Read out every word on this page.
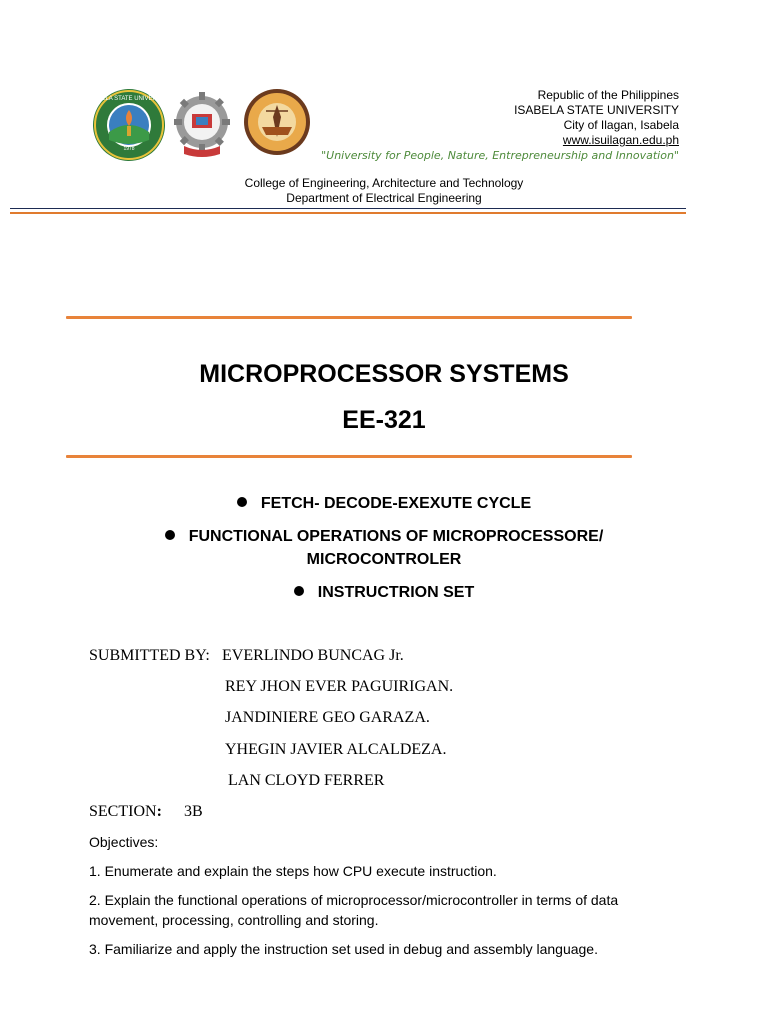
ISABELA STATE UNIVERSITY
1978
Republic of the Philippines
ISABELA STATE UNIVERSITY
City of Ilagan, Isabela
www.isuilagan.edu.ph
"University for People, Nature, Entrepreneurship and Innovation"
College of Engineering, Architecture and Technology
Department of Electrical Engineering
MICROPROCESSOR SYSTEMS
EE-321
FETCH- DECODE-EXEXUTE CYCLE
FUNCTIONAL OPERATIONS OF MICROPROCESSORE/
MICROCONTROLER
INSTRUCTRION SET
SUBMITTED BY: EVERLINDO BUNCAG Jr.
REY JHON EVER PAGUIRIGAN.
JANDINIERE GEO GARAZA.
YHEGIN JAVIER ALCALDEZA.
LAN CLOYD FERRER
SECTION: 3B
Objectives:
1. Enumerate and explain the steps how CPU execute instruction.
2. Explain the functional operations of microprocessor/microcontroller in terms of data
movement, processing, controlling and storing.
3. Familiarize and apply the instruction set used in debug and assembly language.
